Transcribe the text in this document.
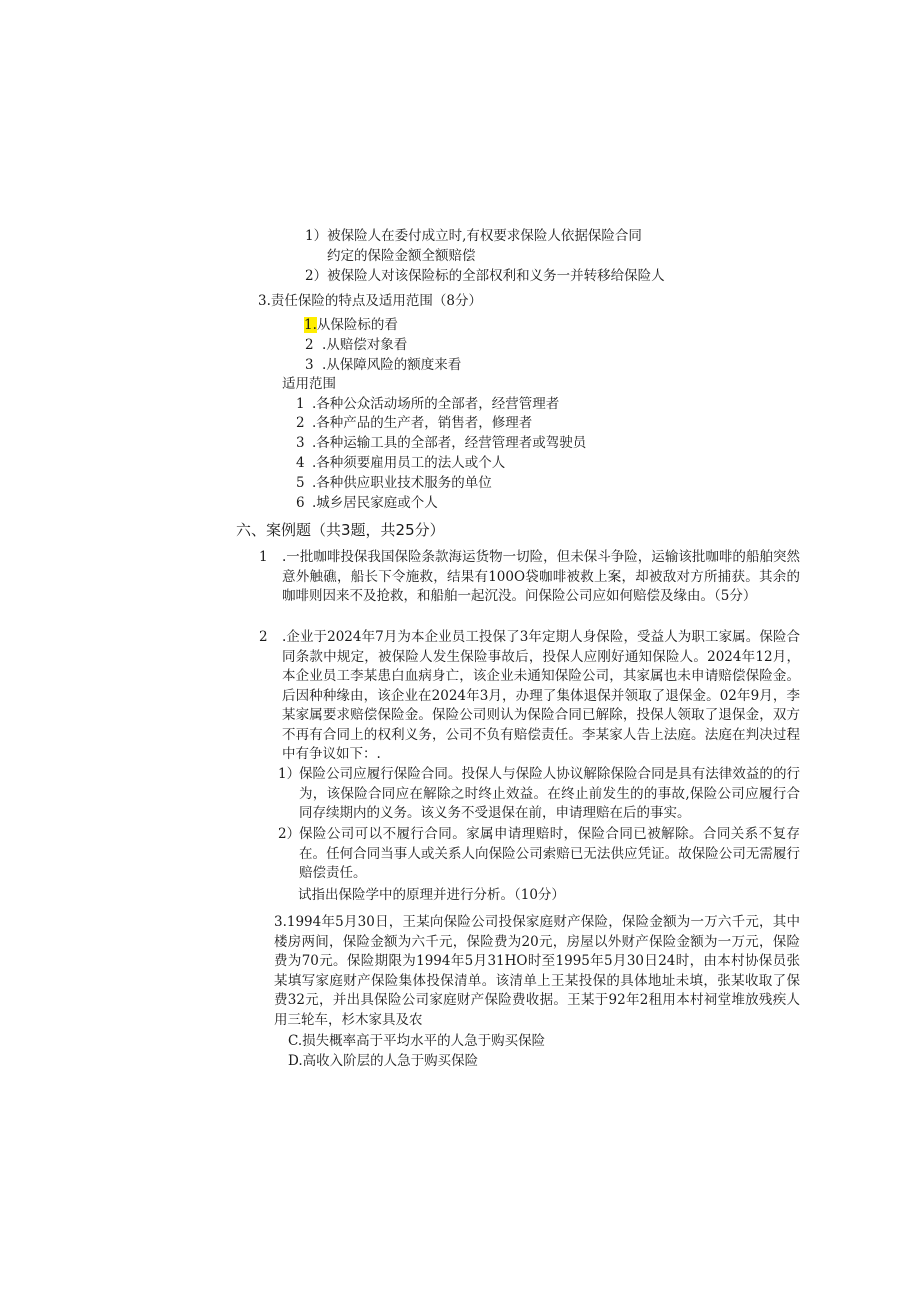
1）被保险人在委付成立时,有权要求保险人依据保险合同
约定的保险金额全额赔偿
2）被保险人对该保险标的全部权利和义务一并转移给保险人
3.责任保险的特点及适用范围（8分）
1.从保险标的看
2 .从赔偿对象看
3 .从保障风险的额度来看
适用范围
1 .各种公众活动场所的全部者，经营管理者
2 .各种产品的生产者，销售者，修理者
3 .各种运输工具的全部者，经营管理者或驾驶员
4 .各种须要雇用员工的法人或个人
5 .各种供应职业技术服务的单位
6 .城乡居民家庭或个人
六、案例题（共3题，共25分）
1 .一批咖啡投保我国保险条款海运货物一切险，但未保斗争险，运输该批咖啡的船舶突然意外触礁，船长下令施救，结果有100O袋咖啡被救上案，却被敌对方所捕获。其余的咖啡则因来不及抢救，和船舶一起沉没。问保险公司应如何赔偿及缘由。（5分）
2 .企业于2024年7月为本企业员工投保了3年定期人身保险，受益人为职工家属。保险合同条款中规定，被保险人发生保险事故后，投保人应刚好通知保险人。2024年12月，本企业员工李某患白血病身亡，该企业未通知保险公司，其家属也未申请赔偿保险金。后因种种缘由，该企业在2024年3月，办理了集体退保并领取了退保金。02年9月，李某家属要求赔偿保险金。保险公司则认为保险合同已解除，投保人领取了退保金，双方不再有合同上的权利义务，公司不负有赔偿责任。李某家人告上法庭。法庭在判决过程中有争议如下：.
1）
保险公司应履行保险合同。投保人与保险人协议解除保险合同是具有法律效益的的行为，该保险合同应在解除之时终止效益。在终止前发生的的事故,保险公司应履行合同存续期内的义务。该义务不受退保在前，申请理赔在后的事实。
2）
保险公司可以不履行合同。家属申请理赔时，保险合同已被解除。合同关系不复存在。任何合同当事人或关系人向保险公司索赔已无法供应凭证。故保险公司无需履行赔偿责任。
试指出保险学中的原理并进行分析。（10分）
3.1994年5月30日，王某向保险公司投保家庭财产保险，保险金额为一万六千元，其中楼房两间，保险金额为六千元，保险费为20元，房屋以外财产保险金额为一万元，保险费为70元。保险期限为1994年5月31HO时至1995年5月30日24时，由本村协保员张某填写家庭财产保险集体投保清单。该清单上王某投保的具体地址未填，张某收取了保费32元，并出具保险公司家庭财产保险费收据。王某于92年2租用本村祠堂堆放残疾人用三轮车，杉木家具及农
C.损失概率高于平均水平的人急于购买保险
D.高收入阶层的人急于购买保险
